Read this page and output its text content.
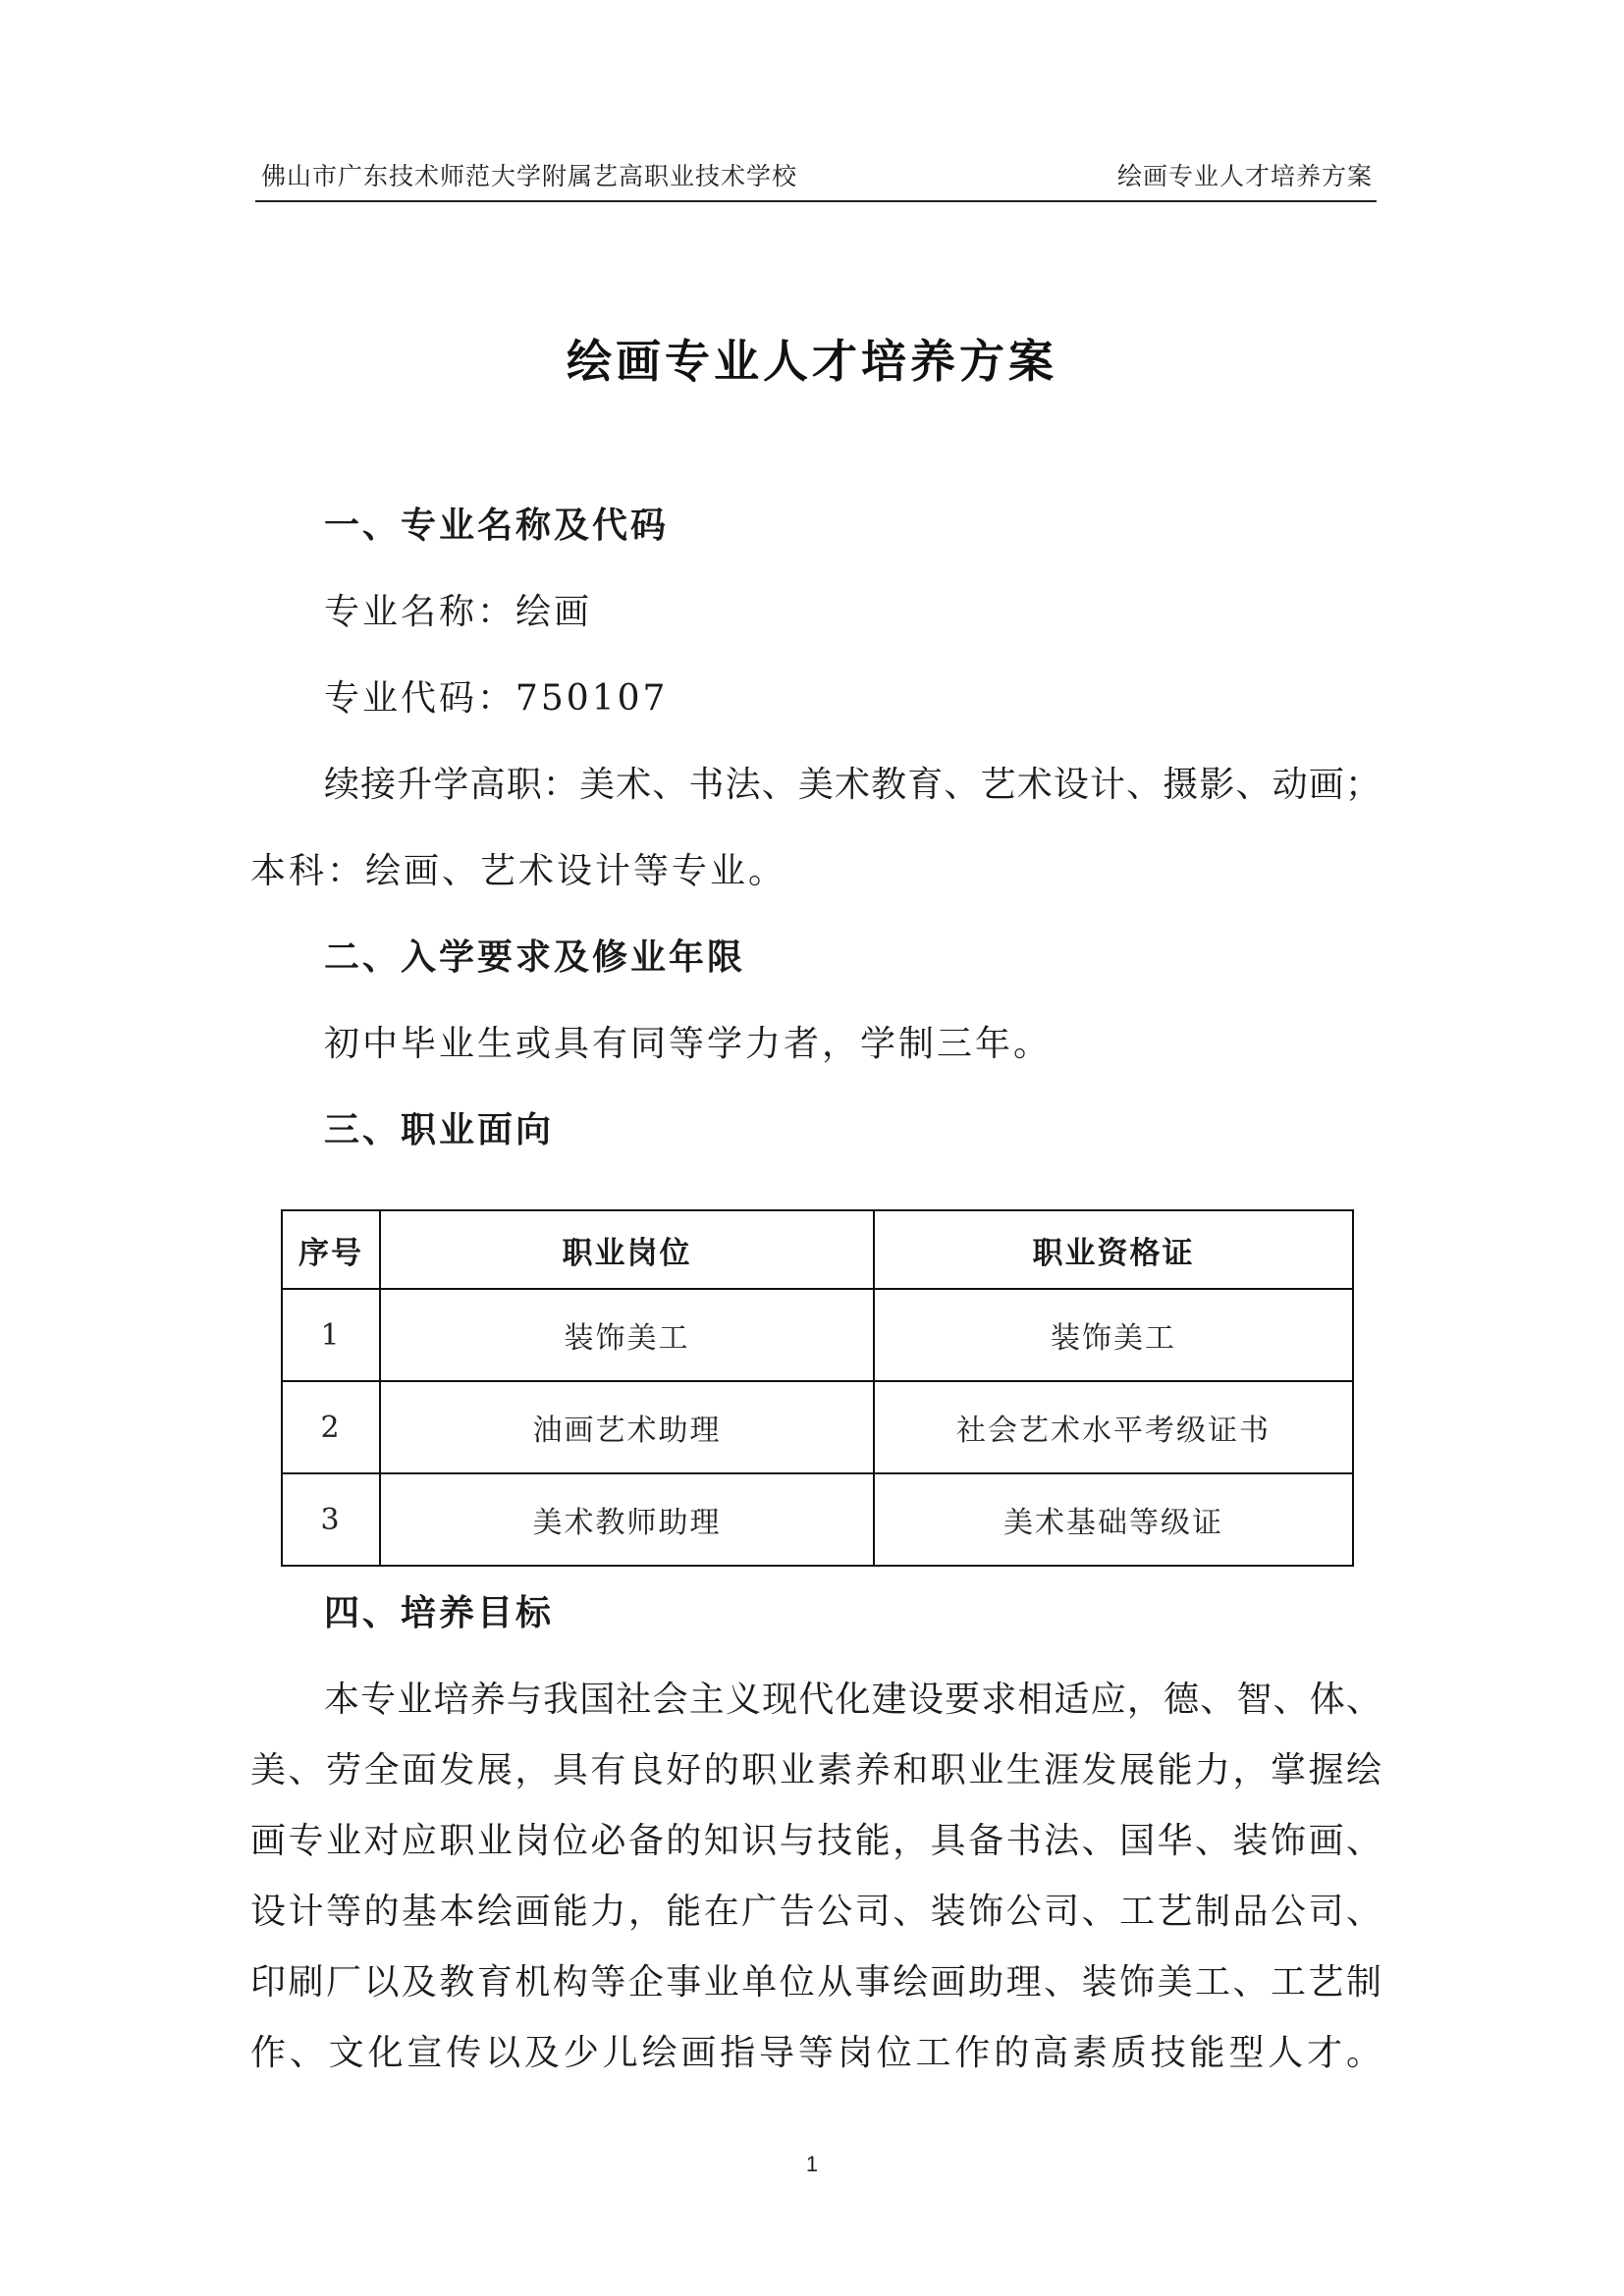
佛山市广东技术师范大学附属艺高职业技术学校	绘画专业人才培养方案
绘画专业人才培养方案
一、专业名称及代码
专业名称：绘画
专业代码：750107
续接升学高职：美术、书法、美术教育、艺术设计、摄影、动画；
本科：绘画、艺术设计等专业。
二、入学要求及修业年限
初中毕业生或具有同等学力者，学制三年。
三、职业面向
序号	职业岗位	职业资格证
1	装饰美工	装饰美工
2	油画艺术助理	社会艺术水平考级证书
3	美术教师助理	美术基础等级证
四、培养目标
本专业培养与我国社会主义现代化建设要求相适应，德、智、体、
美、劳全面发展，具有良好的职业素养和职业生涯发展能力，掌握绘
画专业对应职业岗位必备的知识与技能，具备书法、国华、装饰画、
设计等的基本绘画能力，能在广告公司、装饰公司、工艺制品公司、
印刷厂以及教育机构等企事业单位从事绘画助理、装饰美工、工艺制
作、文化宣传以及少儿绘画指导等岗位工作的高素质技能型人才。
1
